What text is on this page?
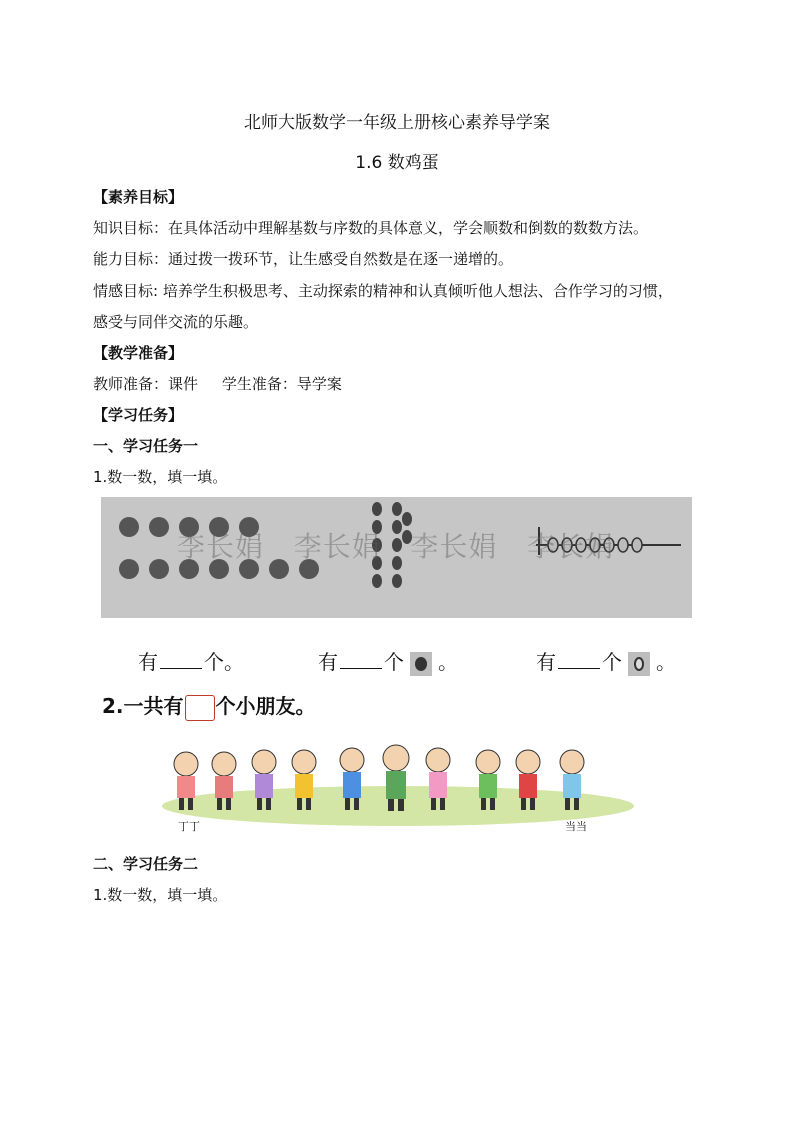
北师大版数学一年级上册核心素养导学案
1.6 数鸡蛋
【素养目标】
知识目标：在具体活动中理解基数与序数的具体意义，学会顺数和倒数的数数方法。
能力目标：通过拨一拨环节，让生感受自然数是在逐一递增的。
情感目标: 培养学生积极思考、主动探索的精神和认真倾听他人想法、合作学习的习惯，
感受与同伴交流的乐趣。
【教学准备】
教师准备：课件     学生准备：导学案
【学习任务】
一、学习任务一
1.数一数，填一填。
李长娟   李长娟   李长娟   李长娟
有 个。	有 个 。	有 个 。
2.一共有 个小朋友。
丁丁	当当
二、学习任务二
1.数一数，填一填。
